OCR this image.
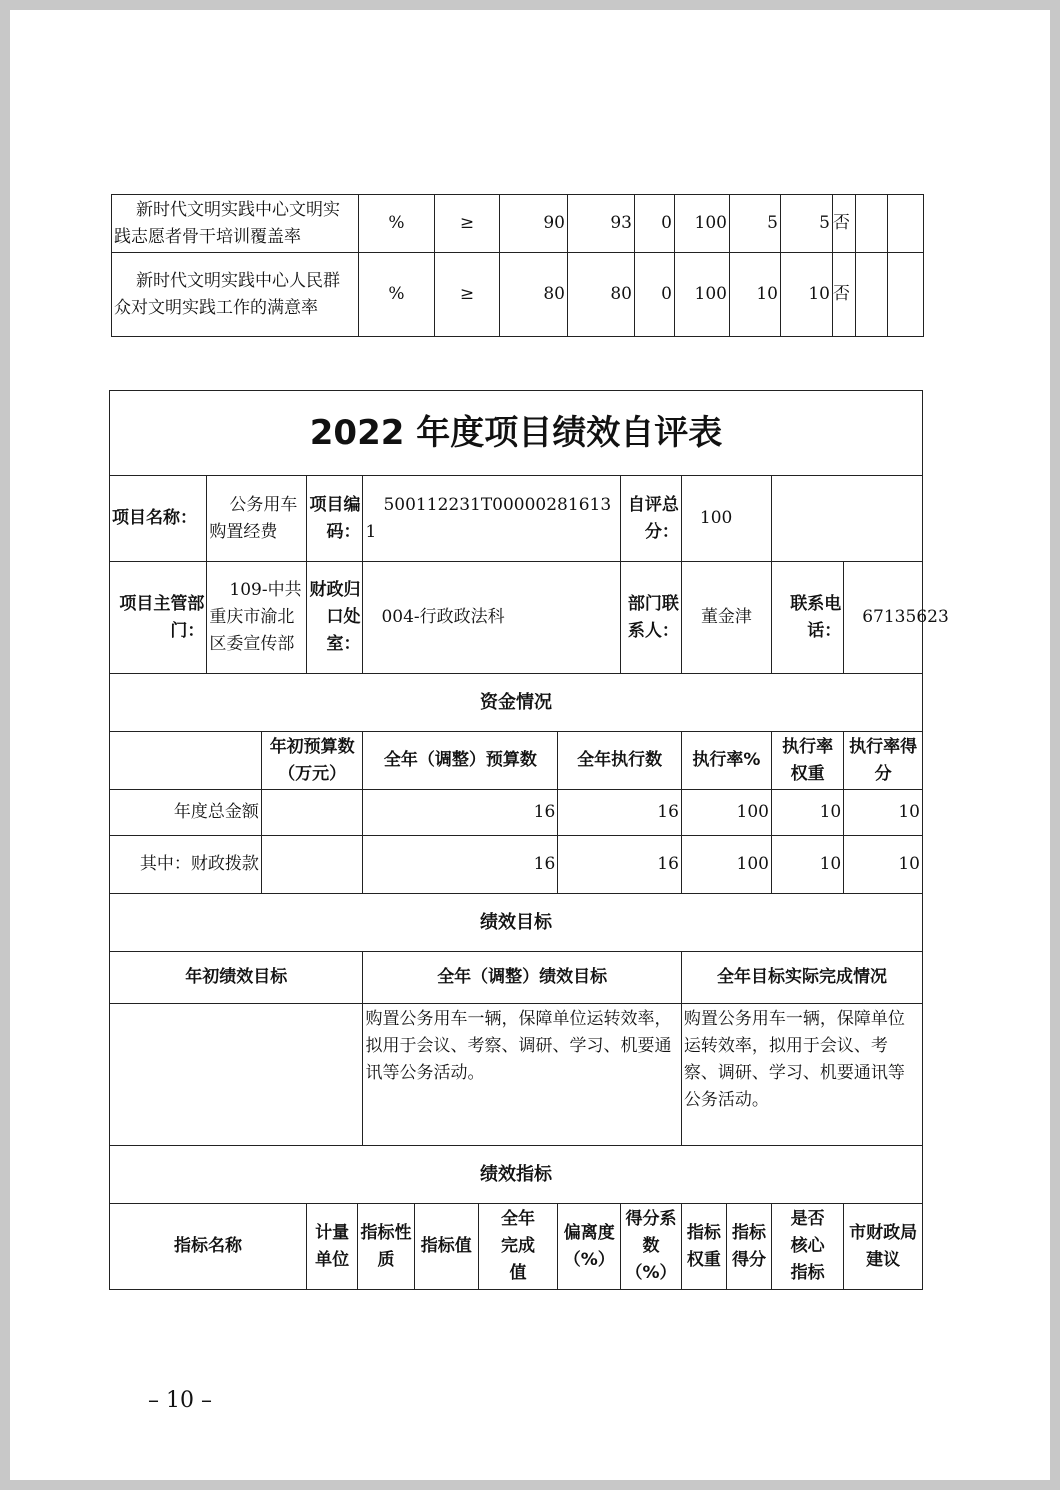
新时代文明实践中心文明实践志愿者骨干培训覆盖率	%	≥	90	93	0	100	5	5	否		
新时代文明实践中心人民群众对文明实践工作的满意率	%	≥	80	80	0	100	10	10	否		
2022 年度项目绩效自评表													
项目名称：	公务用车购置经费		项目编码：		500112231T00000281613 1				自评总分：	100			
项目主管部门：	109-中共重庆市渝北区委宣传部		财政归口处室：		004-行政政法科				部门联系人：	董金津		联系电话：	67135623
资金情况													
		年初预算数（万元）			全年（调整）预算数			全年执行数		执行率%		执行率权重	执行率得分
年度总金额					16			16		100		10	10
其中：财政拨款					16			16		100		10	10
绩效目标													
年初绩效目标					全年（调整）绩效目标					全年目标实际完成情况			
					购置公务用车一辆，保障单位运转效率，拟用于会议、考察、调研、学习、机要通讯等公务活动。					购置公务用车一辆，保障单位运转效率，拟用于会议、考察、调研、学习、机要通讯等公务活动。			
绩效指标													
指标名称			计量单位	指标性质		指标值	全年完成值	偏离度（%）	得分系数（%）	指标权重	指标得分	是否核心指标	市财政局建议
– 10 –
